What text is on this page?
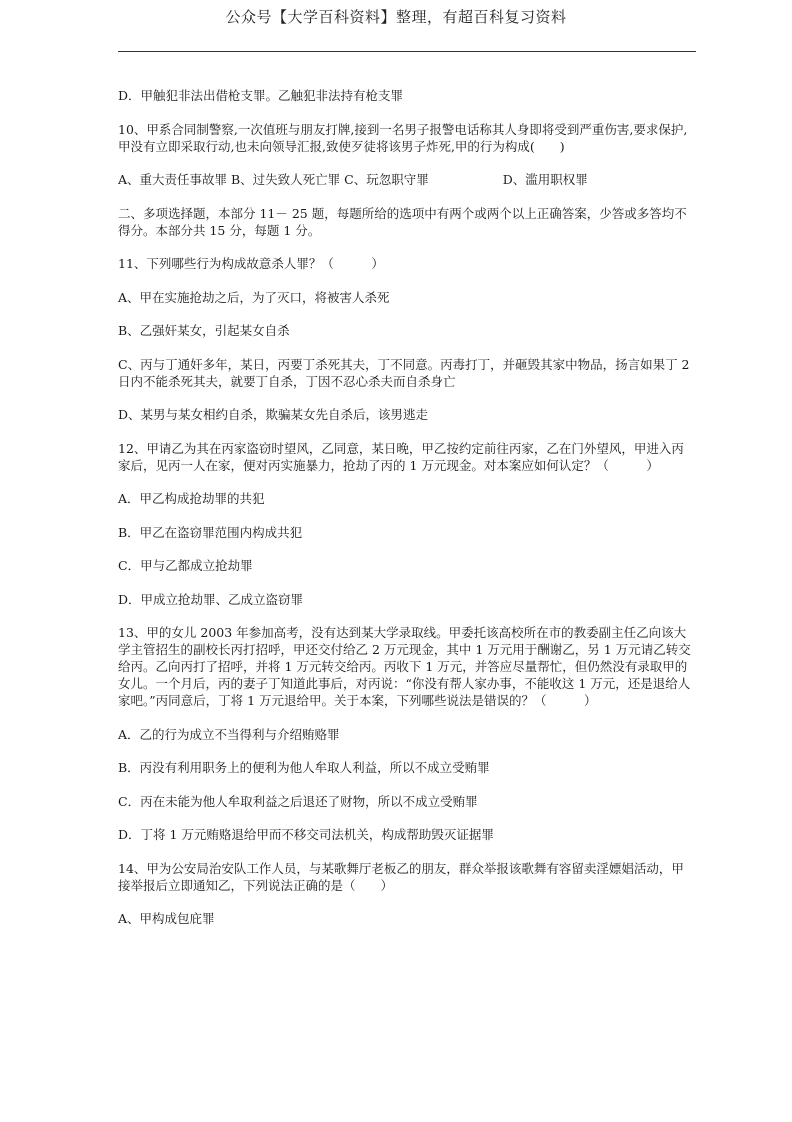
公众号【大学百科资料】整理，有超百科复习资料

D．甲触犯非法出借枪支罪。乙触犯非法持有枪支罪

10、甲系合同制警察,一次值班与朋友打牌,接到一名男子报警电话称其人身即将受到严重伤害,要求保护,甲没有立即采取行动,也未向领导汇报,致使歹徒将该男子炸死,甲的行为构成(　　)

A、重大责任事故罪 B、过失致人死亡罪 C、玩忽职守罪	D、滥用职权罪

二、多项选择题，本部分 11－ 25 题，每题所给的选项中有两个或两个以上正确答案，少答或多答均不得分。本部分共 15 分，每题 1 分。

11、下列哪些行为构成故意杀人罪？（　　　）

A、甲在实施抢劫之后，为了灭口，将被害人杀死

B、乙强奸某女，引起某女自杀

C、丙与丁通奸多年，某日，丙要丁杀死其夫，丁不同意。丙毒打丁，并砸毁其家中物品，扬言如果丁 2 日内不能杀死其夫，就要丁自杀，丁因不忍心杀夫而自杀身亡

D、某男与某女相约自杀，欺骗某女先自杀后，该男逃走

12、甲请乙为其在丙家盗窃时望风，乙同意，某日晚，甲乙按约定前往丙家，乙在门外望风，甲进入丙家后，见丙一人在家，便对丙实施暴力，抢劫了丙的 1 万元现金。对本案应如何认定？（　　　）

A．甲乙构成抢劫罪的共犯

B．甲乙在盗窃罪范围内构成共犯

C．甲与乙都成立抢劫罪

D．甲成立抢劫罪、乙成立盗窃罪

13、甲的女儿 2003 年参加高考，没有达到某大学录取线。甲委托该高校所在市的教委副主任乙向该大学主管招生的副校长丙打招呼，甲还交付给乙 2 万元现金，其中 1 万元用于酬谢乙，另 1 万元请乙转交给丙。乙向丙打了招呼，并将 1 万元转交给丙。丙收下 1 万元，并答应尽量帮忙，但仍然没有录取甲的女儿。一个月后，丙的妻子丁知道此事后，对丙说：“你没有帮人家办事，不能收这 1 万元，还是退给人家吧。”丙同意后，丁将 1 万元退给甲。关于本案，下列哪些说法是错误的？（　　　）

A．乙的行为成立不当得利与介绍贿赂罪

B．丙没有利用职务上的便利为他人牟取人利益，所以不成立受贿罪

C．丙在未能为他人牟取利益之后退还了财物，所以不成立受贿罪

D．丁将 1 万元贿赂退给甲而不移交司法机关，构成帮助毁灭证据罪

14、甲为公安局治安队工作人员，与某歌舞厅老板乙的朋友，群众举报该歌舞有容留卖淫嫖娼活动，甲接举报后立即通知乙，下列说法正确的是（　　）

A、甲构成包庇罪
